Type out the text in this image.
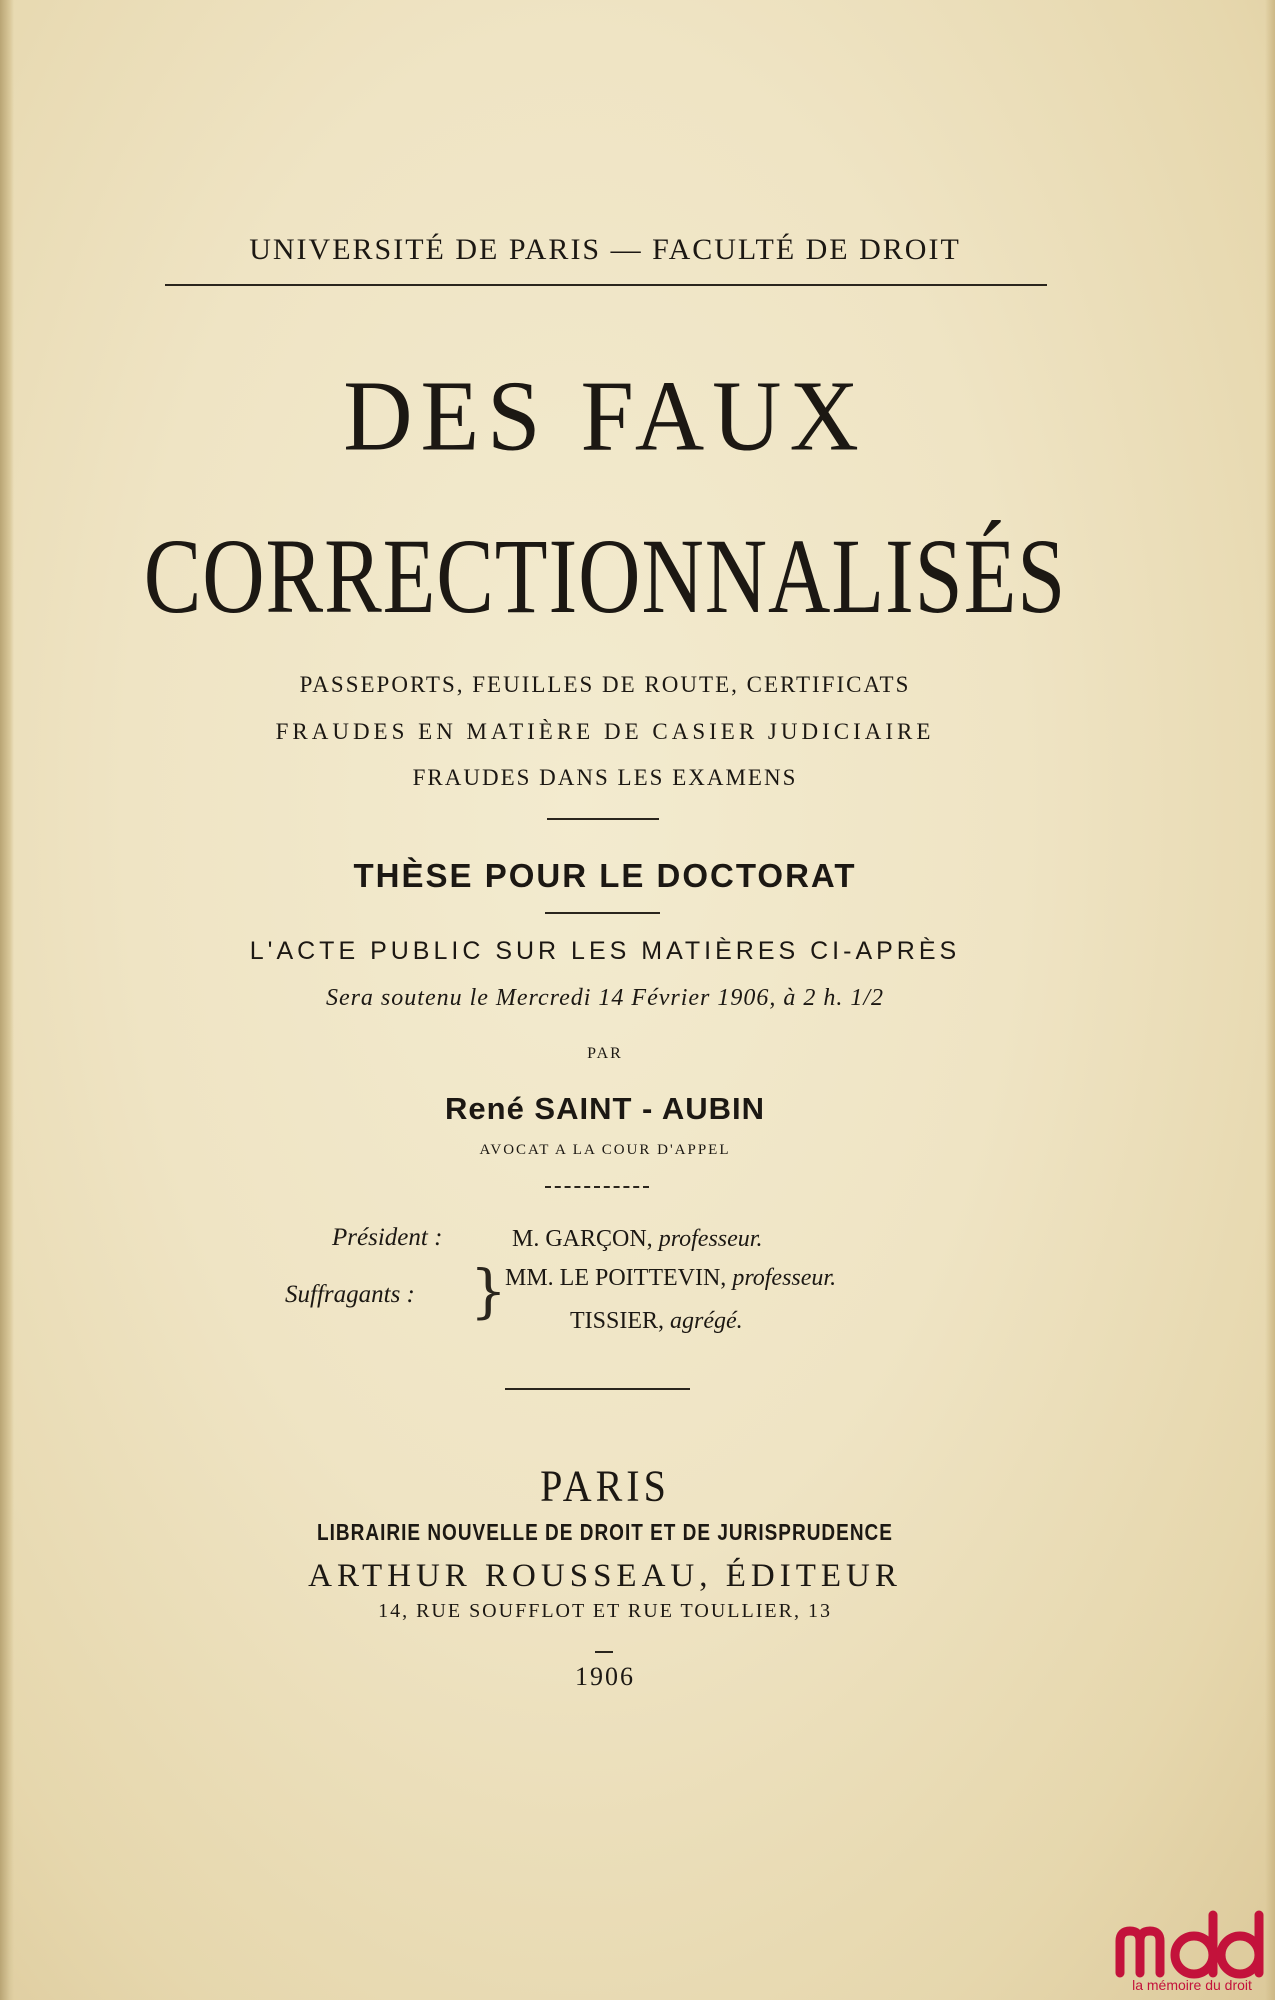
UNIVERSITÉ DE PARIS — FACULTÉ DE DROIT
DES FAUX
CORRECTIONNALISÉS
PASSEPORTS, FEUILLES DE ROUTE, CERTIFICATS
FRAUDES EN MATIÈRE DE CASIER JUDICIAIRE
FRAUDES DANS LES EXAMENS
THÈSE POUR LE DOCTORAT
L'ACTE PUBLIC SUR LES MATIÈRES CI-APRÈS
Sera soutenu le Mercredi 14 Février 1906, à 2 h. 1/2
PAR
René SAINT - AUBIN
AVOCAT A LA COUR D'APPEL
Président :	M. GARÇON, professeur.
Suffragants : }
MM. LE POITTEVIN, professeur.
TISSIER, agrégé.
PARIS
LIBRAIRIE NOUVELLE DE DROIT ET DE JURISPRUDENCE
ARTHUR ROUSSEAU, ÉDITEUR
14, RUE SOUFFLOT ET RUE TOULLIER, 13
1906
la mémoire du droit
